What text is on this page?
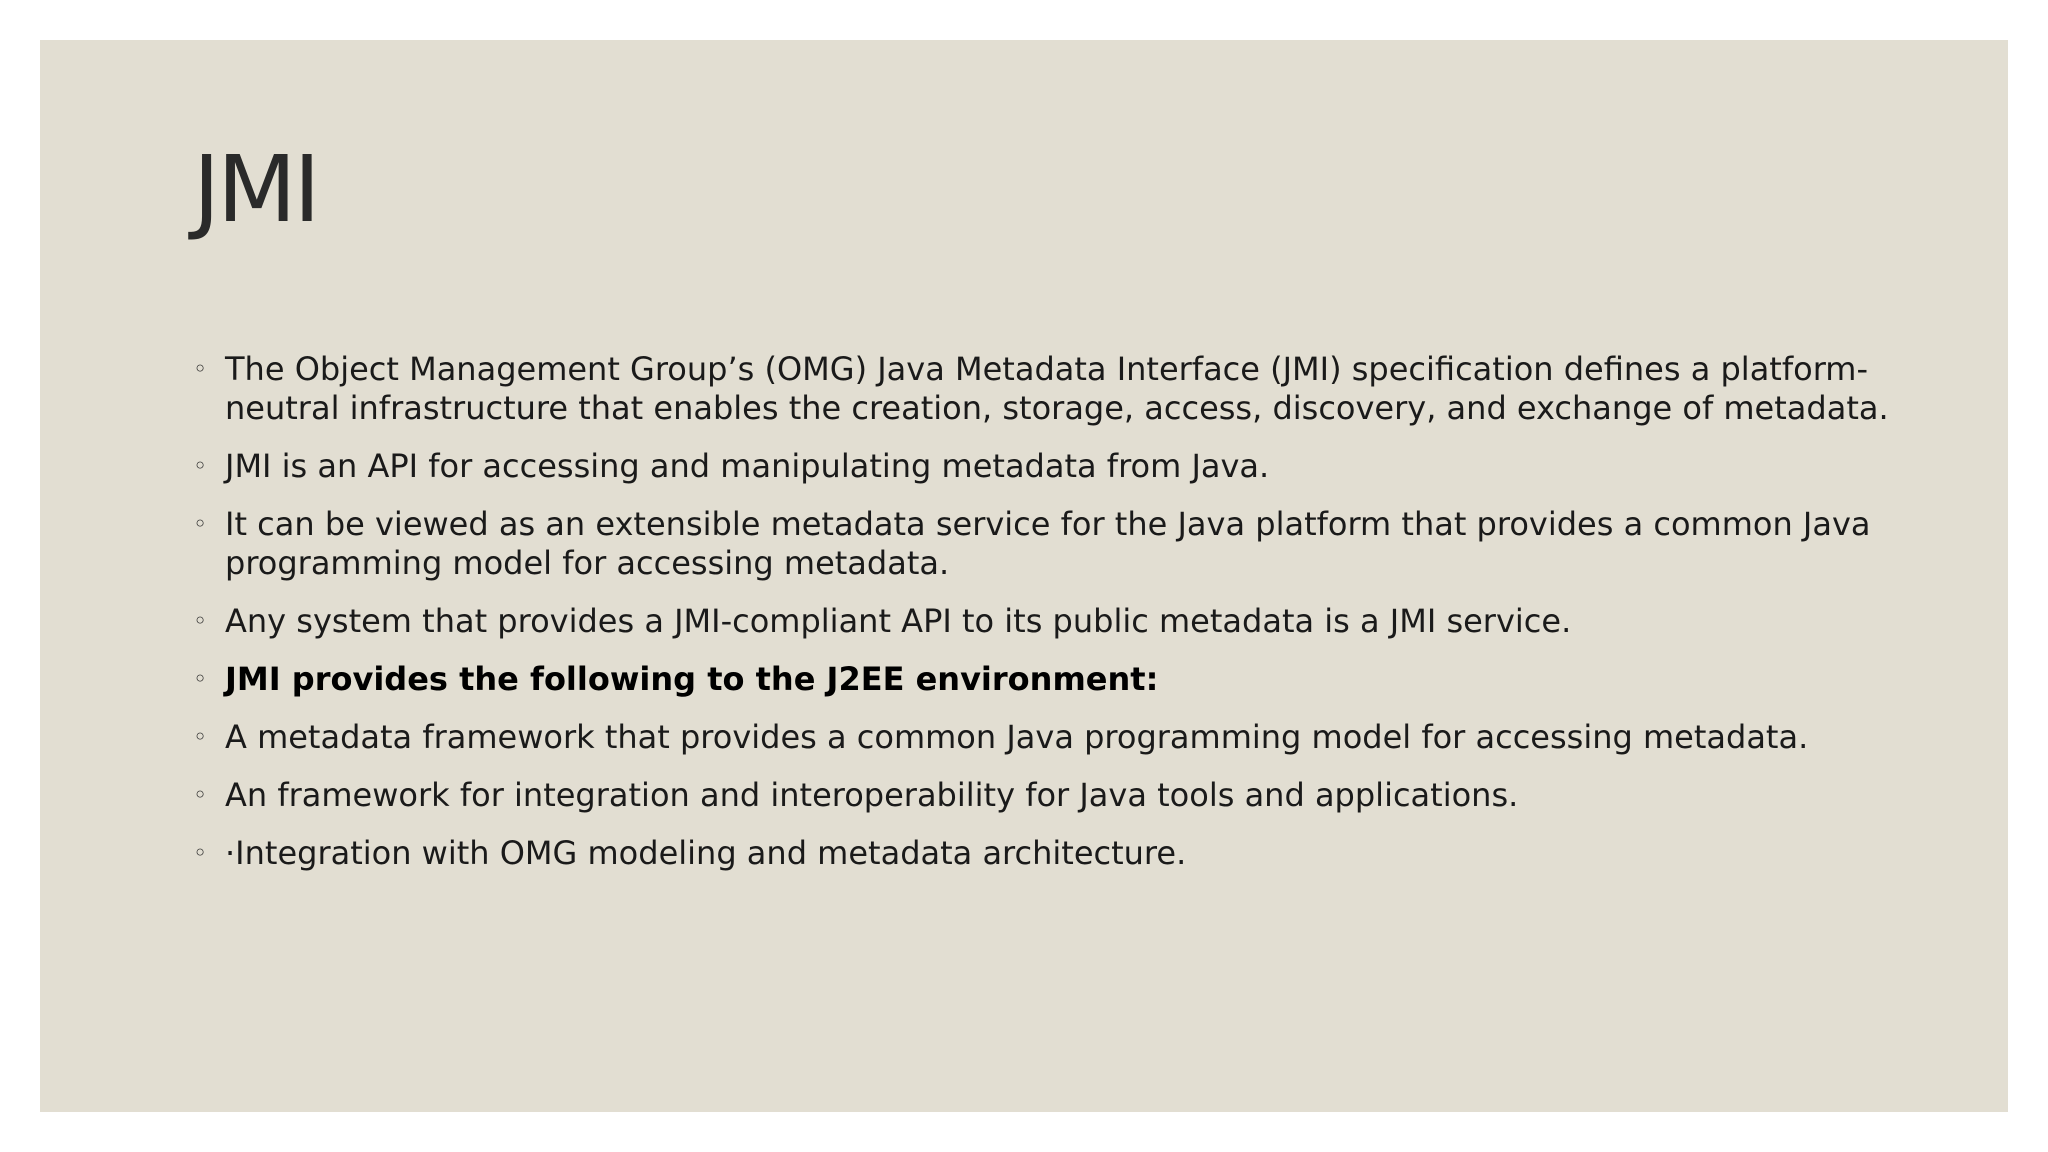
JMI
◦ The Object Management Group’s (OMG) Java Metadata Interface (JMI) specification defines a platform-neutral infrastructure that enables the creation, storage, access, discovery, and exchange of metadata.
◦ JMI is an API for accessing and manipulating metadata from Java.
◦ It can be viewed as an extensible metadata service for the Java platform that provides a common Java programming model for accessing metadata.
◦ Any system that provides a JMI-compliant API to its public metadata is a JMI service.
◦ JMI provides the following to the J2EE environment:
◦ A metadata framework that provides a common Java programming model for accessing metadata.
◦ An framework for integration and interoperability for Java tools and applications.
◦ ·Integration with OMG modeling and metadata architecture.
